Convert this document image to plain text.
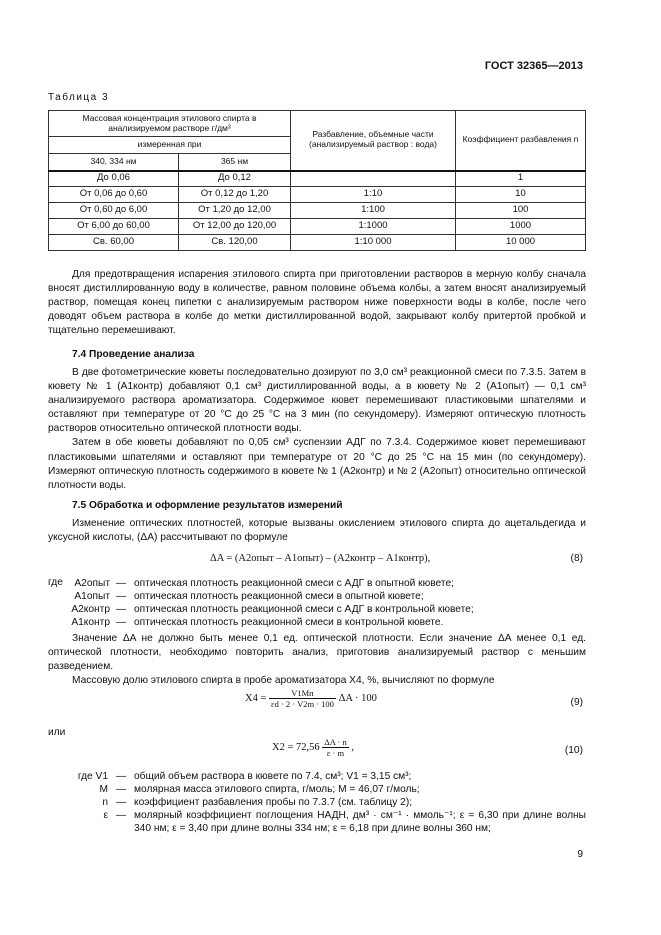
ГОСТ 32365—2013
Таблица 3
Массовая концентрация этилового спирта в анализируемом растворе г/дм³		Разбавление, объемные части (анализируемый раствор : вода)	Коэффициент разбавления n
измеренная при			
340, 334 нм	365 нм		
До 0,06	До 0,12		1
От 0,06 до 0,60	От 0,12 до 1,20	1:10	10
От 0,60 до 6,00	От 1,20 до 12,00	1:100	100
От 6,00 до 60,00	От 12,00 до 120,00	1:1000	1000
Св. 60,00	Св. 120,00	1:10 000	10 000

Для предотвращения испарения этилового спирта при приготовлении растворов в мерную колбу сначала вносят дистиллированную воду в количестве, равном половине объема колбы, а затем вносят анализируемый раствор, помещая конец пипетки с анализируемым раствором ниже поверхности воды в колбе, после чего доводят объем раствора в колбе до метки дистиллированной водой, закрывают колбу притертой пробкой и тщательно перемешивают.

7.4 Проведение анализа

В две фотометрические кюветы последовательно дозируют по 3,0 см³ реакционной смеси по 7.3.5. Затем в кювету № 1 (A1контр) добавляют 0,1 см³ дистиллированной воды, а в кювету № 2 (A1опыт) — 0,1 см³ анализируемого раствора ароматизатора. Содержимое кювет перемешивают пластиковыми шпателями и оставляют при температуре от 20 °С до 25 °С на 3 мин (по секундомеру). Измеряют оптическую плотность растворов относительно оптической плотности воды.

Затем в обе кюветы добавляют по 0,05 см³ суспензии АДГ по 7.3.4. Содержимое кювет перемешивают пластиковыми шпателями и оставляют при температуре от 20 °С до 25 °С на 15 мин (по секундомеру). Измеряют оптическую плотность содержимого в кювете № 1 (A2контр) и № 2 (A2опыт) относительно оптической плотности воды.

7.5 Обработка и оформление результатов измерений

Изменение оптических плотностей, которые вызваны окислением этилового спирта до ацетальдегида и уксусной кислоты, (ΔA) рассчитывают по формуле

ΔA = (A2опыт – A1опыт) – (A2контр – A1контр),	(8)
где	A2опыт — оптическая плотность реакционной смеси с АДГ в опытной кювете;
A1опыт — оптическая плотность реакционной смеси в опытной кювете;
A2контр — оптическая плотность реакционной смеси с АДГ в контрольной кювете;
A1контр — оптическая плотность реакционной смеси в контрольной кювете.

Значение ΔA не должно быть менее 0,1 ед. оптической плотности. Если значение ΔA менее 0,1 ед. оптической плотности, необходимо повторить анализ, приготовив анализируемый раствор с меньшим разведением.

Массовую долю этилового спирта в пробе ароматизатора X4, %, вычисляют по формуле

$X4 = \frac{V1Mп}{\varepsilon d \cdot 2 \cdot V2m \cdot 100}$ ΔA · 100	(9)
или
$X2 = 72,56 \frac{\Delta A \cdot n}{\varepsilon \cdot m}$ ,	(10)
где V1 — общий объем раствора в кювете по 7.4, см³; V1 = 3,15 см³;
M — молярная масса этилового спирта, г/моль; M = 46,07 г/моль;
n — коэффициент разбавления пробы по 7.3.7 (см. таблицу 2);
ε — молярный коэффициент поглощения НАДН, дм³ · см⁻¹ · ммоль⁻¹; ε = 6,30 при длине волны 340 нм; ε = 3,40 при длине волны 334 нм; ε = 6,18 при длине волны 360 нм;
9
